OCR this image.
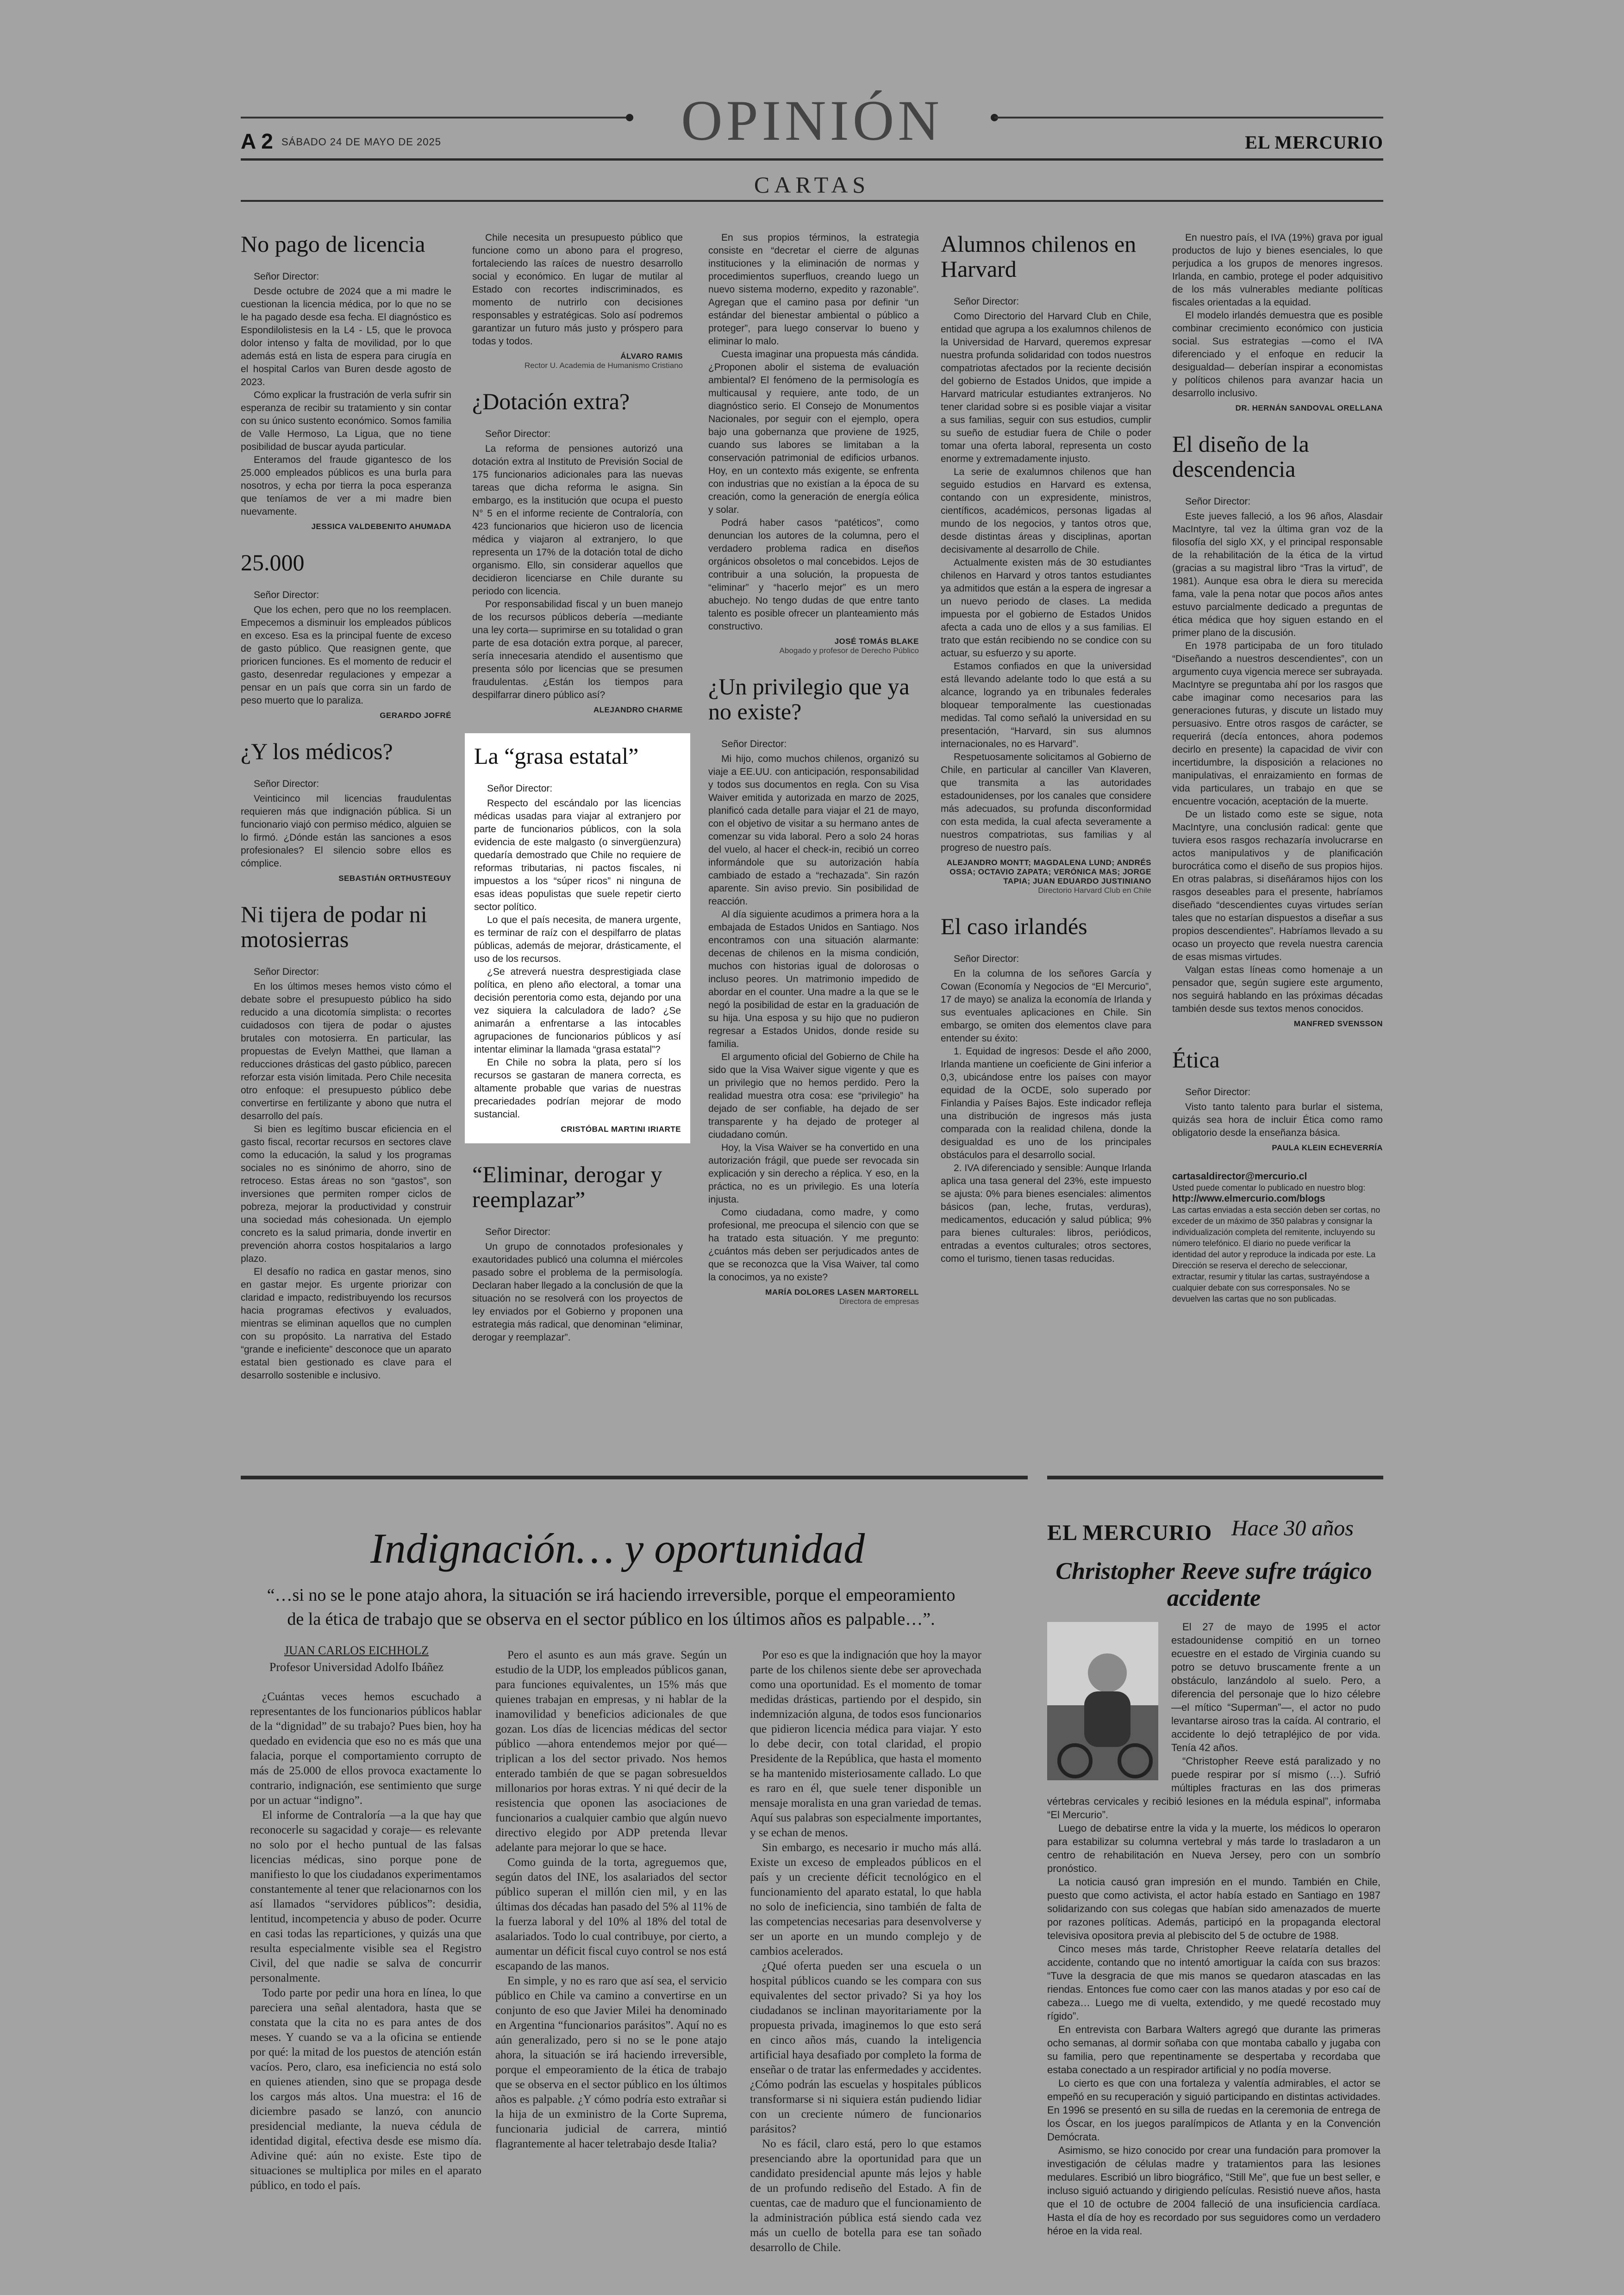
OPINIÓN
A 2 SÁBADO 24 DE MAYO DE 2025	EL MERCURIO
CARTAS
No pago de licencia

Señor Director:

Desde octubre de 2024 que a mi madre le cuestionan la licencia médica, por lo que no se le ha pagado desde esa fecha. El diagnóstico es Espondilolistesis en la L4 - L5, que le provoca dolor intenso y falta de movilidad, por lo que además está en lista de espera para cirugía en el hospital Carlos van Buren desde agosto de 2023.

Cómo explicar la frustración de verla sufrir sin esperanza de recibir su tratamiento y sin contar con su único sustento económico. Somos familia de Valle Hermoso, La Ligua, que no tiene posibilidad de buscar ayuda particular.

Enteramos del fraude gigantesco de los 25.000 empleados públicos es una burla para nosotros, y echa por tierra la poca esperanza que teníamos de ver a mi madre bien nuevamente.

JESSICA VALDEBENITO AHUMADA
25.000

Señor Director:

Que los echen, pero que no los reemplacen. Empecemos a disminuir los empleados públicos en exceso. Esa es la principal fuente de exceso de gasto público. Que reasignen gente, que prioricen funciones. Es el momento de reducir el gasto, desenredar regulaciones y empezar a pensar en un país que corra sin un fardo de peso muerto que lo paraliza.

GERARDO JOFRÉ
¿Y los médicos?

Señor Director:

Veinticinco mil licencias fraudulentas requieren más que indignación pública. Si un funcionario viajó con permiso médico, alguien se lo firmó. ¿Dónde están las sanciones a esos profesionales? El silencio sobre ellos es cómplice.

SEBASTIÁN ORTHUSTEGUY
Ni tijera de podar ni motosierras

Señor Director:

En los últimos meses hemos visto cómo el debate sobre el presupuesto público ha sido reducido a una dicotomía simplista: o recortes cuidadosos con tijera de podar o ajustes brutales con motosierra. En particular, las propuestas de Evelyn Matthei, que llaman a reducciones drásticas del gasto público, parecen reforzar esta visión limitada. Pero Chile necesita otro enfoque: el presupuesto público debe convertirse en fertilizante y abono que nutra el desarrollo del país.

Si bien es legítimo buscar eficiencia en el gasto fiscal, recortar recursos en sectores clave como la educación, la salud y los programas sociales no es sinónimo de ahorro, sino de retroceso. Estas áreas no son “gastos”, son inversiones que permiten romper ciclos de pobreza, mejorar la productividad y construir una sociedad más cohesionada. Un ejemplo concreto es la salud primaria, donde invertir en prevención ahorra costos hospitalarios a largo plazo.

El desafío no radica en gastar menos, sino en gastar mejor. Es urgente priorizar con claridad e impacto, redistribuyendo los recursos hacia programas efectivos y evaluados, mientras se eliminan aquellos que no cumplen con su propósito. La narrativa del Estado “grande e ineficiente” desconoce que un aparato estatal bien gestionado es clave para el desarrollo sostenible e inclusivo.

Chile necesita un presupuesto público que funcione como un abono para el progreso, fortaleciendo las raíces de nuestro desarrollo social y económico. En lugar de mutilar al Estado con recortes indiscriminados, es momento de nutrirlo con decisiones responsables y estratégicas. Solo así podremos garantizar un futuro más justo y próspero para todas y todos.

ÁLVARO RAMIS
Rector U. Academia de Humanismo Cristiano
¿Dotación extra?

Señor Director:

La reforma de pensiones autorizó una dotación extra al Instituto de Previsión Social de 175 funcionarios adicionales para las nuevas tareas que dicha reforma le asigna. Sin embargo, es la institución que ocupa el puesto N° 5 en el informe reciente de Contraloría, con 423 funcionarios que hicieron uso de licencia médica y viajaron al extranjero, lo que representa un 17% de la dotación total de dicho organismo. Ello, sin considerar aquellos que decidieron licenciarse en Chile durante su periodo con licencia.

Por responsabilidad fiscal y un buen manejo de los recursos públicos debería —mediante una ley corta— suprimirse en su totalidad o gran parte de esa dotación extra porque, al parecer, sería innecesaria atendido el ausentismo que presenta sólo por licencias que se presumen fraudulentas. ¿Están los tiempos para despilfarrar dinero público así?

ALEJANDRO CHARME
La “grasa estatal”

Señor Director:

Respecto del escándalo por las licencias médicas usadas para viajar al extranjero por parte de funcionarios públicos, con la sola evidencia de este malgasto (o sinvergüenzura) quedaría demostrado que Chile no requiere de reformas tributarias, ni pactos fiscales, ni impuestos a los “súper ricos” ni ninguna de esas ideas populistas que suele repetir cierto sector político.

Lo que el país necesita, de manera urgente, es terminar de raíz con el despilfarro de platas públicas, además de mejorar, drásticamente, el uso de los recursos.

¿Se atreverá nuestra desprestigiada clase política, en pleno año electoral, a tomar una decisión perentoria como esta, dejando por una vez siquiera la calculadora de lado? ¿Se animarán a enfrentarse a las intocables agrupaciones de funcionarios públicos y así intentar eliminar la llamada “grasa estatal”?

En Chile no sobra la plata, pero sí los recursos se gastaran de manera correcta, es altamente probable que varias de nuestras precariedades podrían mejorar de modo sustancial.

CRISTÓBAL MARTINI IRIARTE
“Eliminar, derogar y reemplazar”

Señor Director:

Un grupo de connotados profesionales y exautoridades publicó una columna el miércoles pasado sobre el problema de la permisología. Declaran haber llegado a la conclusión de que la situación no se resolverá con los proyectos de ley enviados por el Gobierno y proponen una estrategia más radical, que denominan “eliminar, derogar y reemplazar”.

En sus propios términos, la estrategia consiste en “decretar el cierre de algunas instituciones y la eliminación de normas y procedimientos superfluos, creando luego un nuevo sistema moderno, expedito y razonable”. Agregan que el camino pasa por definir “un estándar del bienestar ambiental o público a proteger”, para luego conservar lo bueno y eliminar lo malo.

Cuesta imaginar una propuesta más cándida. ¿Proponen abolir el sistema de evaluación ambiental? El fenómeno de la permisología es multicausal y requiere, ante todo, de un diagnóstico serio. El Consejo de Monumentos Nacionales, por seguir con el ejemplo, opera bajo una gobernanza que proviene de 1925, cuando sus labores se limitaban a la conservación patrimonial de edificios urbanos. Hoy, en un contexto más exigente, se enfrenta con industrias que no existían a la época de su creación, como la generación de energía eólica y solar.

Podrá haber casos “patéticos”, como denuncian los autores de la columna, pero el verdadero problema radica en diseños orgánicos obsoletos o mal concebidos. Lejos de contribuir a una solución, la propuesta de “eliminar” y “hacerlo mejor” es un mero abuchejo. No tengo dudas de que entre tanto talento es posible ofrecer un planteamiento más constructivo.

JOSÉ TOMÁS BLAKE
Abogado y profesor de Derecho Público
¿Un privilegio que ya no existe?

Señor Director:

Mi hijo, como muchos chilenos, organizó su viaje a EE.UU. con anticipación, responsabilidad y todos sus documentos en regla. Con su Visa Waiver emitida y autorizada en marzo de 2025, planificó cada detalle para viajar el 21 de mayo, con el objetivo de visitar a su hermano antes de comenzar su vida laboral. Pero a solo 24 horas del vuelo, al hacer el check-in, recibió un correo informándole que su autorización había cambiado de estado a “rechazada”. Sin razón aparente. Sin aviso previo. Sin posibilidad de reacción.

Al día siguiente acudimos a primera hora a la embajada de Estados Unidos en Santiago. Nos encontramos con una situación alarmante: decenas de chilenos en la misma condición, muchos con historias igual de dolorosas o incluso peores. Un matrimonio impedido de abordar en el counter. Una madre a la que se le negó la posibilidad de estar en la graduación de su hija. Una esposa y su hijo que no pudieron regresar a Estados Unidos, donde reside su familia.

El argumento oficial del Gobierno de Chile ha sido que la Visa Waiver sigue vigente y que es un privilegio que no hemos perdido. Pero la realidad muestra otra cosa: ese “privilegio” ha dejado de ser confiable, ha dejado de ser transparente y ha dejado de proteger al ciudadano común.

Hoy, la Visa Waiver se ha convertido en una autorización frágil, que puede ser revocada sin explicación y sin derecho a réplica. Y eso, en la práctica, no es un privilegio. Es una lotería injusta.

Como ciudadana, como madre, y como profesional, me preocupa el silencio con que se ha tratado esta situación. Y me pregunto: ¿cuántos más deben ser perjudicados antes de que se reconozca que la Visa Waiver, tal como la conocimos, ya no existe?

MARÍA DOLORES LASEN MARTORELL
Directora de empresas
Alumnos chilenos en Harvard

Señor Director:

Como Directorio del Harvard Club en Chile, entidad que agrupa a los exalumnos chilenos de la Universidad de Harvard, queremos expresar nuestra profunda solidaridad con todos nuestros compatriotas afectados por la reciente decisión del gobierno de Estados Unidos, que impide a Harvard matricular estudiantes extranjeros. No tener claridad sobre si es posible viajar a visitar a sus familias, seguir con sus estudios, cumplir su sueño de estudiar fuera de Chile o poder tomar una oferta laboral, representa un costo enorme y extremadamente injusto.

La serie de exalumnos chilenos que han seguido estudios en Harvard es extensa, contando con un expresidente, ministros, científicos, académicos, personas ligadas al mundo de los negocios, y tantos otros que, desde distintas áreas y disciplinas, aportan decisivamente al desarrollo de Chile.

Actualmente existen más de 30 estudiantes chilenos en Harvard y otros tantos estudiantes ya admitidos que están a la espera de ingresar a un nuevo periodo de clases. La medida impuesta por el gobierno de Estados Unidos afecta a cada uno de ellos y a sus familias. El trato que están recibiendo no se condice con su actuar, su esfuerzo y su aporte.

Estamos confiados en que la universidad está llevando adelante todo lo que está a su alcance, logrando ya en tribunales federales bloquear temporalmente las cuestionadas medidas. Tal como señaló la universidad en su presentación, “Harvard, sin sus alumnos internacionales, no es Harvard”.

Respetuosamente solicitamos al Gobierno de Chile, en particular al canciller Van Klaveren, que transmita a las autoridades estadounidenses, por los canales que considere más adecuados, su profunda disconformidad con esta medida, la cual afecta severamente a nuestros compatriotas, sus familias y al progreso de nuestro país.

ALEJANDRO MONTT; MAGDALENA LUND; ANDRÉS OSSA; OCTAVIO ZAPATA; VERÓNICA MAS; JORGE TAPIA; JUAN EDUARDO JUSTINIANO
Directorio Harvard Club en Chile
El caso irlandés

Señor Director:

En la columna de los señores García y Cowan (Economía y Negocios de “El Mercurio”, 17 de mayo) se analiza la economía de Irlanda y sus eventuales aplicaciones en Chile. Sin embargo, se omiten dos elementos clave para entender su éxito:

1. Equidad de ingresos: Desde el año 2000, Irlanda mantiene un coeficiente de Gini inferior a 0,3, ubicándose entre los países con mayor equidad de la OCDE, solo superado por Finlandia y Países Bajos. Este indicador refleja una distribución de ingresos más justa comparada con la realidad chilena, donde la desigualdad es uno de los principales obstáculos para el desarrollo social.

2. IVA diferenciado y sensible: Aunque Irlanda aplica una tasa general del 23%, este impuesto se ajusta: 0% para bienes esenciales: alimentos básicos (pan, leche, frutas, verduras), medicamentos, educación y salud pública; 9% para bienes culturales: libros, periódicos, entradas a eventos culturales; otros sectores, como el turismo, tienen tasas reducidas.

En nuestro país, el IVA (19%) grava por igual productos de lujo y bienes esenciales, lo que perjudica a los grupos de menores ingresos. Irlanda, en cambio, protege el poder adquisitivo de los más vulnerables mediante políticas fiscales orientadas a la equidad.

El modelo irlandés demuestra que es posible combinar crecimiento económico con justicia social. Sus estrategias —como el IVA diferenciado y el enfoque en reducir la desigualdad— deberían inspirar a economistas y políticos chilenos para avanzar hacia un desarrollo inclusivo.

DR. HERNÁN SANDOVAL ORELLANA
El diseño de la descendencia

Señor Director:

Este jueves falleció, a los 96 años, Alasdair MacIntyre, tal vez la última gran voz de la filosofía del siglo XX, y el principal responsable de la rehabilitación de la ética de la virtud (gracias a su magistral libro “Tras la virtud”, de 1981). Aunque esa obra le diera su merecida fama, vale la pena notar que pocos años antes estuvo parcialmente dedicado a preguntas de ética médica que hoy siguen estando en el primer plano de la discusión.

En 1978 participaba de un foro titulado “Diseñando a nuestros descendientes”, con un argumento cuya vigencia merece ser subrayada. MacIntyre se preguntaba ahí por los rasgos que cabe imaginar como necesarios para las generaciones futuras, y discute un listado muy persuasivo. Entre otros rasgos de carácter, se requerirá (decía entonces, ahora podemos decirlo en presente) la capacidad de vivir con incertidumbre, la disposición a relaciones no manipulativas, el enraizamiento en formas de vida particulares, un trabajo en que se encuentre vocación, aceptación de la muerte.

De un listado como este se sigue, nota MacIntyre, una conclusión radical: gente que tuviera esos rasgos rechazaría involucrarse en actos manipulativos y de planificación burocrática como el diseño de sus propios hijos. En otras palabras, si diseñáramos hijos con los rasgos deseables para el presente, habríamos diseñado “descendientes cuyas virtudes serían tales que no estarían dispuestos a diseñar a sus propios descendientes”. Habríamos llevado a su ocaso un proyecto que revela nuestra carencia de esas mismas virtudes.

Valgan estas líneas como homenaje a un pensador que, según sugiere este argumento, nos seguirá hablando en las próximas décadas también desde sus textos menos conocidos.

MANFRED SVENSSON
Ética

Señor Director:

Visto tanto talento para burlar el sistema, quizás sea hora de incluir Ética como ramo obligatorio desde la enseñanza básica.

PAULA KLEIN ECHEVERRÍA
cartasaldirector@mercurio.cl
Usted puede comentar lo publicado en nuestro blog:
http://www.elmercurio.com/blogs
Las cartas enviadas a esta sección deben ser cortas, no exceder de un máximo de 350 palabras y consignar la individualización completa del remitente, incluyendo su número telefónico. El diario no puede verificar la identidad del autor y reproduce la indicada por este. La Dirección se reserva el derecho de seleccionar, extractar, resumir y titular las cartas, sustrayéndose a cualquier debate con sus corresponsales. No se devuelven las cartas que no son publicadas.
Indignación… y oportunidad
“…si no se le pone atajo ahora, la situación se irá haciendo irreversible, porque el empeoramiento de la ética de trabajo que se observa en el sector público en los últimos años es palpable…”.
JUAN CARLOS EICHHOLZ
Profesor Universidad Adolfo Ibáñez

¿Cuántas veces hemos escuchado a representantes de los funcionarios públicos hablar de la “dignidad” de su trabajo? Pues bien, hoy ha quedado en evidencia que eso no es más que una falacia, porque el comportamiento corrupto de más de 25.000 de ellos provoca exactamente lo contrario, indignación, ese sentimiento que surge por un actuar “indigno”.

El informe de Contraloría —a la que hay que reconocerle su sagacidad y coraje— es relevante no solo por el hecho puntual de las falsas licencias médicas, sino porque pone de manifiesto lo que los ciudadanos experimentamos constantemente al tener que relacionarnos con los así llamados “servidores públicos”: desidia, lentitud, incompetencia y abuso de poder. Ocurre en casi todas las reparticiones, y quizás una que resulta especialmente visible sea el Registro Civil, del que nadie se salva de concurrir personalmente.

Todo parte por pedir una hora en línea, lo que pareciera una señal alentadora, hasta que se constata que la cita no es para antes de dos meses. Y cuando se va a la oficina se entiende por qué: la mitad de los puestos de atención están vacíos. Pero, claro, esa ineficiencia no está solo en quienes atienden, sino que se propaga desde los cargos más altos. Una muestra: el 16 de diciembre pasado se lanzó, con anuncio presidencial mediante, la nueva cédula de identidad digital, efectiva desde ese mismo día. Adivine qué: aún no existe. Este tipo de situaciones se multiplica por miles en el aparato público, en todo el país.

Pero el asunto es aun más grave. Según un estudio de la UDP, los empleados públicos ganan, para funciones equivalentes, un 15% más que quienes trabajan en empresas, y ni hablar de la inamovilidad y beneficios adicionales de que gozan. Los días de licencias médicas del sector público —ahora entendemos mejor por qué— triplican a los del sector privado. Nos hemos enterado también de que se pagan sobresueldos millonarios por horas extras. Y ni qué decir de la resistencia que oponen las asociaciones de funcionarios a cualquier cambio que algún nuevo directivo elegido por ADP pretenda llevar adelante para mejorar lo que se hace.

Como guinda de la torta, agreguemos que, según datos del INE, los asalariados del sector público superan el millón cien mil, y en las últimas dos décadas han pasado del 5% al 11% de la fuerza laboral y del 10% al 18% del total de asalariados. Todo lo cual contribuye, por cierto, a aumentar un déficit fiscal cuyo control se nos está escapando de las manos.

En simple, y no es raro que así sea, el servicio público en Chile va camino a convertirse en un conjunto de eso que Javier Milei ha denominado en Argentina “funcionarios parásitos”. Aquí no es aún generalizado, pero si no se le pone atajo ahora, la situación se irá haciendo irreversible, porque el empeoramiento de la ética de trabajo que se observa en el sector público en los últimos años es palpable. ¿Y cómo podría esto extrañar si la hija de un exministro de la Corte Suprema, funcionaria judicial de carrera, mintió flagrantemente al hacer teletrabajo desde Italia?

Por eso es que la indignación que hoy la mayor parte de los chilenos siente debe ser aprovechada como una oportunidad. Es el momento de tomar medidas drásticas, partiendo por el despido, sin indemnización alguna, de todos esos funcionarios que pidieron licencia médica para viajar. Y esto lo debe decir, con total claridad, el propio Presidente de la República, que hasta el momento se ha mantenido misteriosamente callado. Lo que es raro en él, que suele tener disponible un mensaje moralista en una gran variedad de temas. Aquí sus palabras son especialmente importantes, y se echan de menos.

Sin embargo, es necesario ir mucho más allá. Existe un exceso de empleados públicos en el país y un creciente déficit tecnológico en el funcionamiento del aparato estatal, lo que habla no solo de ineficiencia, sino también de falta de las competencias necesarias para desenvolverse y ser un aporte en un mundo complejo y de cambios acelerados.

¿Qué oferta pueden ser una escuela o un hospital públicos cuando se les compara con sus equivalentes del sector privado? Si ya hoy los ciudadanos se inclinan mayoritariamente por la propuesta privada, imaginemos lo que esto será en cinco años más, cuando la inteligencia artificial haya desafiado por completo la forma de enseñar o de tratar las enfermedades y accidentes. ¿Cómo podrán las escuelas y hospitales públicos transformarse si ni siquiera están pudiendo lidiar con un creciente número de funcionarios parásitos?

No es fácil, claro está, pero lo que estamos presenciando abre la oportunidad para que un candidato presidencial apunte más lejos y hable de un profundo rediseño del Estado. A fin de cuentas, cae de maduro que el funcionamiento de la administración pública está siendo cada vez más un cuello de botella para ese tan soñado desarrollo de Chile.

EL MERCURIO Hace 30 años
Christopher Reeve sufre trágico accidente

El 27 de mayo de 1995 el actor estadounidense compitió en un torneo ecuestre en el estado de Virginia cuando su potro se detuvo bruscamente frente a un obstáculo, lanzándolo al suelo. Pero, a diferencia del personaje que lo hizo célebre —el mítico “Superman”—, el actor no pudo levantarse airoso tras la caída. Al contrario, el accidente lo dejó tetrapléjico de por vida. Tenía 42 años.

“Christopher Reeve está paralizado y no puede respirar por sí mismo (…). Sufrió múltiples fracturas en las dos primeras vértebras cervicales y recibió lesiones en la médula espinal”, informaba “El Mercurio”.

Luego de debatirse entre la vida y la muerte, los médicos lo operaron para estabilizar su columna vertebral y más tarde lo trasladaron a un centro de rehabilitación en Nueva Jersey, pero con un sombrío pronóstico.

La noticia causó gran impresión en el mundo. También en Chile, puesto que como activista, el actor había estado en Santiago en 1987 solidarizando con sus colegas que habían sido amenazados de muerte por razones políticas. Además, participó en la propaganda electoral televisiva opositora previa al plebiscito del 5 de octubre de 1988.

Cinco meses más tarde, Christopher Reeve relataría detalles del accidente, contando que no intentó amortiguar la caída con sus brazos: “Tuve la desgracia de que mis manos se quedaron atascadas en las riendas. Entonces fue como caer con las manos atadas y por eso caí de cabeza… Luego me di vuelta, extendido, y me quedé recostado muy rígido”.

En entrevista con Barbara Walters agregó que durante las primeras ocho semanas, al dormir soñaba con que montaba caballo y jugaba con su familia, pero que repentinamente se despertaba y recordaba que estaba conectado a un respirador artificial y no podía moverse.

Lo cierto es que con una fortaleza y valentía admirables, el actor se empeñó en su recuperación y siguió participando en distintas actividades. En 1996 se presentó en su silla de ruedas en la ceremonia de entrega de los Óscar, en los juegos paralímpicos de Atlanta y en la Convención Demócrata.

Asimismo, se hizo conocido por crear una fundación para promover la investigación de células madre y tratamientos para las lesiones medulares. Escribió un libro biográfico, “Still Me”, que fue un best seller, e incluso siguió actuando y dirigiendo películas. Resistió nueve años, hasta que el 10 de octubre de 2004 falleció de una insuficiencia cardíaca. Hasta el día de hoy es recordado por sus seguidores como un verdadero héroe en la vida real.
